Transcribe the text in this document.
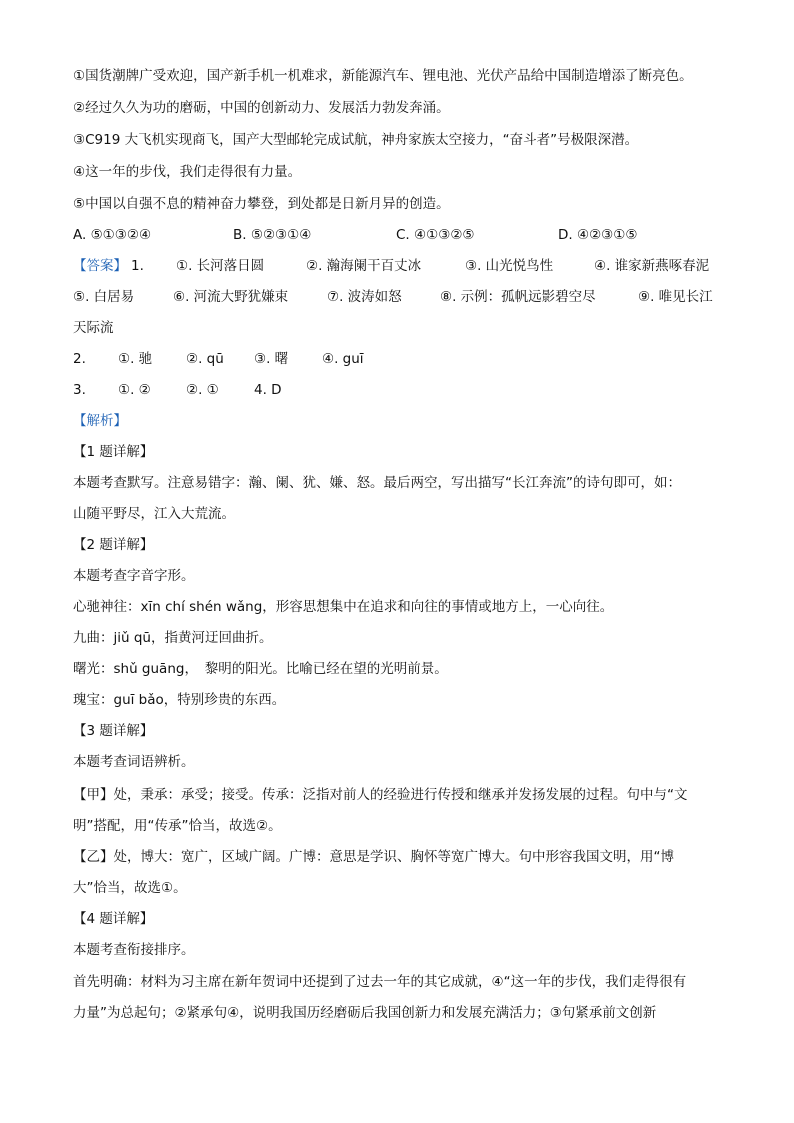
①国货潮牌广受欢迎，国产新手机一机难求，新能源汽车、锂电池、光伏产品给中国制造增添了断亮色。
②经过久久为功的磨砺，中国的创新动力、发展活力勃发奔涌。
③C919 大飞机实现商飞，国产大型邮轮完成试航，神舟家族太空接力，“奋斗者”号极限深潜。
④这一年的步伐，我们走得很有力量。
⑤中国以自强不息的精神奋力攀登，到处都是日新月异的创造。
A. ⑤①③②④	B. ⑤②③①④	C. ④①③②⑤	D. ④②③①⑤
【答案】 1. ①. 长河落日圆	②. 瀚海阑干百丈冰	③. 山光悦鸟性	④. 谁家新燕啄春泥
⑤. 白居易	⑥. 河流大野犹嫌束	⑦. 波涛如怒	⑧. 示例：孤帆远影碧空尽	⑨. 唯见长江
天际流
2. ①. 驰	②. qū ③. 曙	④. guī
3. ①. ②	②. ①	4. D
【解析】
【1 题详解】
本题考查默写。注意易错字：瀚、阑、犹、嫌、怒。最后两空，写出描写“长江奔流”的诗句即可，如：
山随平野尽，江入大荒流。
【2 题详解】
本题考查字音字形。
心驰神往：xīn chí shén wǎng，形容思想集中在追求和向往的事情或地方上，一心向往。
九曲：jiǔ qū，指黄河迂回曲折。
曙光：shǔ guāng，　黎明的阳光。比喻已经在望的光明前景。
瑰宝：guī bǎo，特别珍贵的东西。
【3 题详解】
本题考查词语辨析。
【甲】处，秉承：承受；接受。传承：泛指对前人的经验进行传授和继承并发扬发展的过程。句中与“文
明”搭配，用“传承”恰当，故选②。
【乙】处，博大：宽广，区域广阔。广博：意思是学识、胸怀等宽广博大。句中形容我国文明，用“博
大”恰当，故选①。
【4 题详解】
本题考查衔接排序。
首先明确：材料为习主席在新年贺词中还提到了过去一年的其它成就，④“这一年的步伐，我们走得很有
力量”为总起句；②紧承句④，说明我国历经磨砺后我国创新力和发展充满活力；③句紧承前文创新
